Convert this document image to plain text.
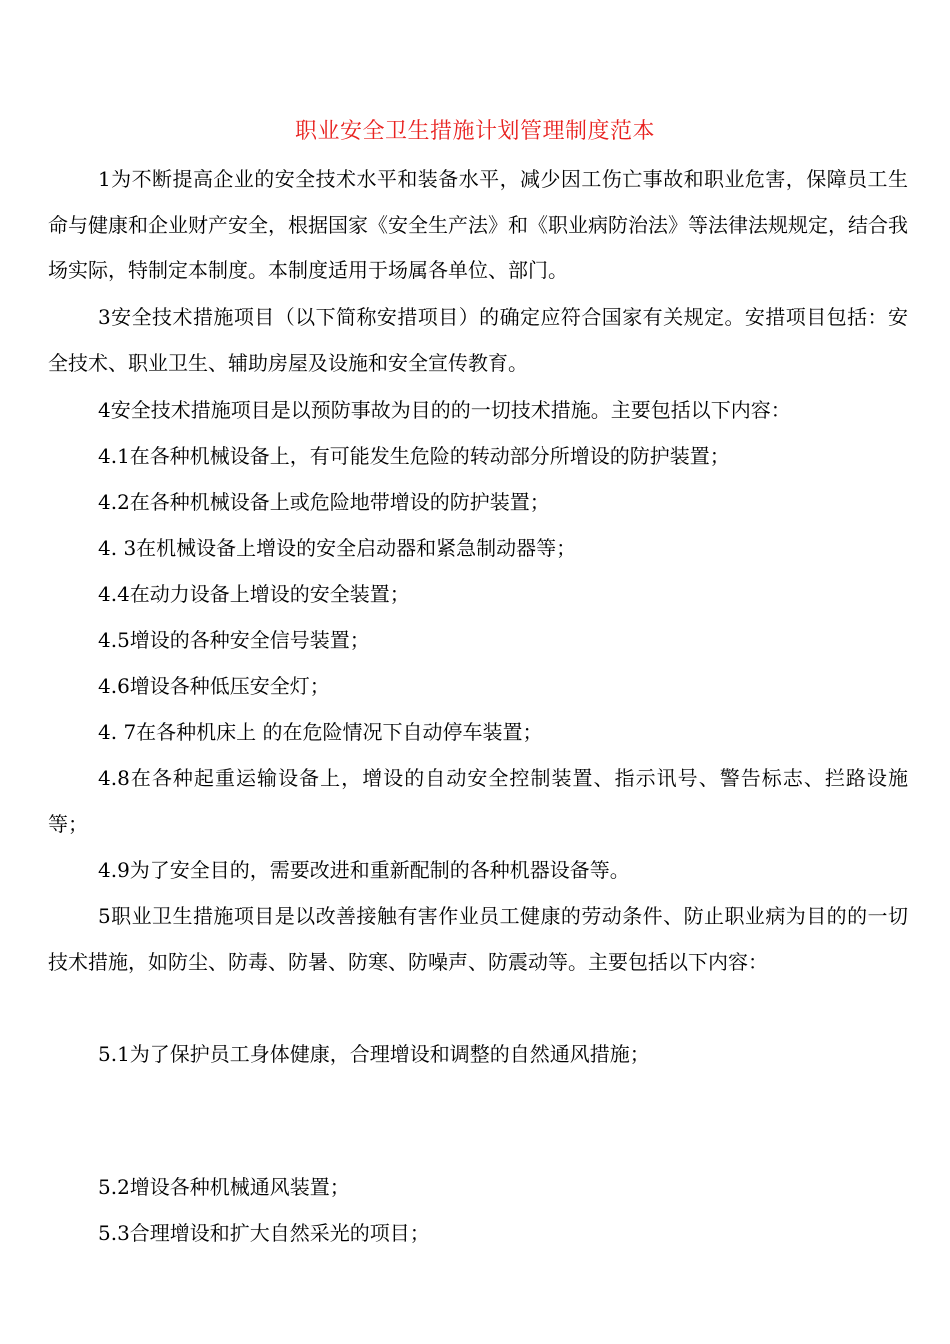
职业安全卫生措施计划管理制度范本
1为不断提高企业的安全技术水平和装备水平，减少因工伤亡事故和职业危害，保障员工生命与健康和企业财产安全，根据国家《安全生产法》和《职业病防治法》等法律法规规定，结合我场实际，特制定本制度。本制度适用于场属各单位、部门。
3安全技术措施项目（以下简称安措项目）的确定应符合国家有关规定。安措项目包括：安全技术、职业卫生、辅助房屋及设施和安全宣传教育。
4安全技术措施项目是以预防事故为目的的一切技术措施。主要包括以下内容：
4.1在各种机械设备上，有可能发生危险的转动部分所增设的防护装置；
4.2在各种机械设备上或危险地带增设的防护装置；
4. 3在机械设备上增设的安全启动器和紧急制动器等；
4.4在动力设备上增设的安全装置；
4.5增设的各种安全信号装置；
4.6增设各种低压安全灯；
4. 7在各种机床上 的在危险情况下自动停车装置；
4.8在各种起重运输设备上，增设的自动安全控制装置、指示讯号、警告标志、拦路设施等；
4.9为了安全目的，需要改进和重新配制的各种机器设备等。
5职业卫生措施项目是以改善接触有害作业员工健康的劳动条件、防止职业病为目的的一切技术措施，如防尘、防毒、防暑、防寒、防噪声、防震动等。主要包括以下内容：
5.1为了保护员工身体健康，合理增设和调整的自然通风措施；
5.2增设各种机械通风装置；
5.3合理增设和扩大自然采光的项目；
